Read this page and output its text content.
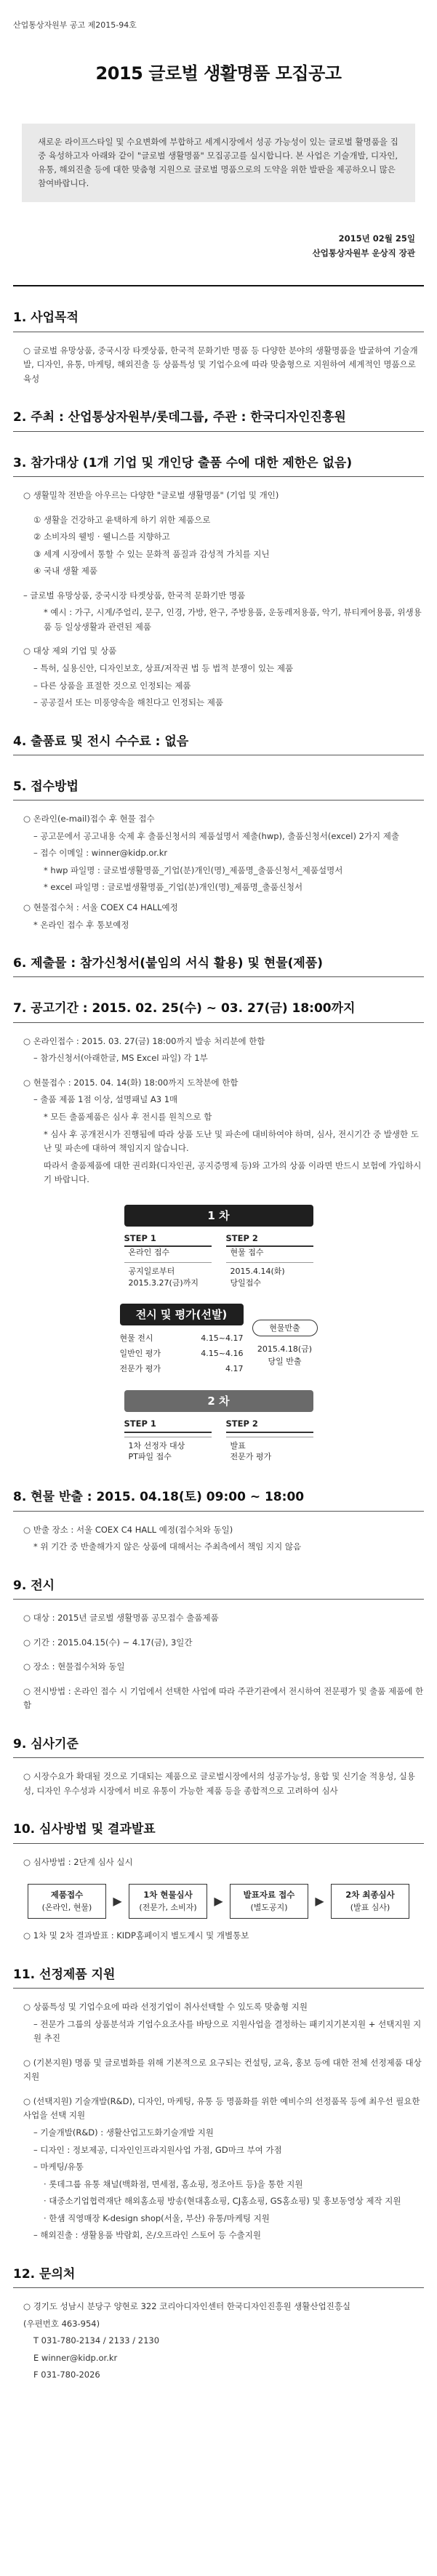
산업통상자원부 공고 제2015-94호
2015 글로벌 생활명품 모집공고
새로운 라이프스타일 및 수요변화에 부합하고 세계시장에서 성공 가능성이 있는 글로벌 활명품을 집중 육성하고자 아래와 같이 "글로벌 생활명품" 모집공고를 실시합니다. 본 사업은 기술개발, 디자인, 유통, 해외진출 등에 대한 맞춤형 지원으로 글로벌 명품으로의 도약을 위한 발판을 제공하오니 많은 참여바랍니다.
2015년 02월 25일
산업통상자원부 운상직 장관
1. 사업목적
○ 글로벌 유망상품, 중국시장 타겟상품, 한국적 문화기반 명품 등 다양한 분야의 생활명품을 발굴하여 기술개발, 디자인, 유통, 마케팅, 해외진출 등 상품특성 및 기업수요에 따라 맞춤형으로 지원하여 세계적인 명품으로 육성
2. 주최 : 산업통상자원부/롯데그룹, 주관 : 한국디자인진흥원
3. 참가대상 (1개 기업 및 개인당 출품 수에 대한 제한은 없음)
○ 생활밀착 전반을 아우르는 다양한 "글로벌 생활명품" (기업 및 개인)
① 생활을 건강하고 윤택하게 하기 위한 제품으로
② 소비자의 웰빙 · 웰니스를 지향하고
③ 세계 시장에서 통할 수 있는 문화적 품질과 감성적 가치를 지닌
④ 국내 생활 제품
– 글로벌 유망상품, 중국시장 타겟상품, 한국적 문화기반 명품
* 예시 : 가구, 시계/주얼리, 문구, 인경, 가방, 완구, 주방용품, 운동레저용품, 악기, 뷰티케어용품, 위생용품 등 일상생활과 관련된 제품
○ 대상 제외 기업 및 상품
– 특허, 실용신안, 디자인보호, 상표/저작권 법 등 법적 분쟁이 있는 제품
– 다른 상품을 표절한 것으로 인정되는 제품
– 공공질서 또는 미풍양속을 해친다고 인정되는 제품
4. 출품료 및 전시 수수료 : 없음
5. 접수방법
○ 온라인(e-mail)접수 후 현물 접수
– 공고문에서 공고내용 숙제 후 출품신청서의 제품설명서 제출(hwp), 출품신청서(excel) 2가지 제출
– 접수 이메일 : winner@kidp.or.kr
* hwp 파일명 : 글로벌생활명품_기업(분)개인(명)_제품명_출품신청서_제품설명서
* excel 파일명 : 글로벌생활명품_기업(분)개인(명)_제품명_출품신청서
○ 현물접수처 : 서울 COEX C4 HALL예정
* 온라인 접수 후 통보예정
6. 제출물 : 참가신청서(붙임의 서식 활용) 및 현물(제품)
7. 공고기간 : 2015. 02. 25(수) ~ 03. 27(금) 18:00까지
○ 온라인접수 : 2015. 03. 27(금) 18:00까지 발송 처리분에 한함
– 참가신청서(아래한글, MS Excel 파일) 각 1부
○ 현물접수 : 2015. 04. 14(화) 18:00까지 도착분에 한함
– 출품 제품 1점 이상, 설명패널 A3 1매
* 모든 출품제품은 심사 후 전시를 원칙으로 함
* 심사 후 공개전시가 진행됨에 따라 상품 도난 및 파손에 대비하여야 하며, 심사, 전시기간 중 발생한 도난 및 파손에 대하여 책임지지 않습니다.
따라서 출품제품에 대한 권리화(디자인권, 공지증명제 등)와 고가의 상품 이라면 반드시 보험에 가입하시기 바랍니다.
1 차
STEP 1
온라인 접수
공지일로부터
2015.3.27(금)까지
STEP 2
현물 접수
2015.4.14(화)
당일접수
전시 및 평가(선발)
현물 전시	4.15~4.17
일반인 평가	4.15~4.16
전문가 평가	4.17
현물반출
2015.4.18(금)
당일 반출
2 차
STEP 1
1차 선정자 대상
PT파일 접수
STEP 2
발표
전문가 평가
8. 현물 반출 : 2015. 04.18(토) 09:00 ~ 18:00
○ 반출 장소 : 서울 COEX C4 HALL 예정(접수처와 동일)
* 위 기간 중 반출해가지 않은 상품에 대해서는 주최측에서 책임 지지 않음
9. 전시
○ 대상 : 2015년 글로벌 생활명품 공모접수 출품제품
○ 기간 : 2015.04.15(수) ~ 4.17(금), 3일간
○ 장소 : 현물접수처와 동일
○ 전시방법 : 온라인 접수 시 기업에서 선택한 사업에 따라 주관기관에서 전시하여 전문평가 및 출품 제품에 한함
9. 심사기준
○ 시장수요가 확대될 것으로 기대되는 제품으로 글로벌시장에서의 성공가능성, 용합 및 신기술 적용성, 실용성, 디자인 우수성과 시장에서 비로 유통이 가능한 제품 등을 종합적으로 고려하여 심사
10. 심사방법 및 결과발표
○ 심사방법 : 2단계 심사 실시
제품접수
(온라인, 현물)	▶	1차 현물심사
(전문가, 소비자)	▶	발표자료 접수
(별도공지)	▶	2차 최종심사
(발표 심사)
○ 1차 및 2차 결과발표 : KIDP홈페이지 별도게시 및 개별통보
11. 선정제품 지원
○ 상품특성 및 기업수요에 따라 선정기업이 취사선택할 수 있도록 맞춤형 지원
– 전문가 그룹의 상품분석과 기업수요조사를 바탕으로 지원사업을 결정하는 패키지기본지원 + 선택지원 지원 추진
○ (기본지원) 명품 및 글로벌화를 위해 기본적으로 요구되는 컨설팅, 교육, 홍보 등에 대한 전체 선정제품 대상 지원
○ (선택지원) 기술개발(R&D), 디자인, 마케팅, 유통 등 명품화를 위한 예비수의 선정품목 등에 최우선 필요한 사업을 선택 지원
– 기술개발(R&D) : 생활산업고도화기술개발 지원
– 디자인 : 정보제공, 디자인인프라지원사업 가점, GD마크 부여 가점
– 마케팅/유통
· 롯데그룹 유통 채널(백화점, 면세점, 홈쇼핑, 정조아트 등)을 통한 지원
· 대중소기업협력재단 해외홈쇼핑 방송(현대홈쇼핑, CJ홈쇼핑, GS홈쇼핑) 및 홍보동영상 제작 지원
· 한샘 직영매장 K-design shop(서울, 부산) 유통/마케팅 지원
– 해외진출 : 생활용품 박람회, 온/오프라인 스토어 등 수출지원
12. 문의처
○ 경기도 성남시 분당구 양현로 322 코리아디자인센터 한국디자인진흥원 생활산업진흥실
(우편번호 463-954)
T 031-780-2134 / 2133 / 2130
E winner@kidp.or.kr
F 031-780-2026
